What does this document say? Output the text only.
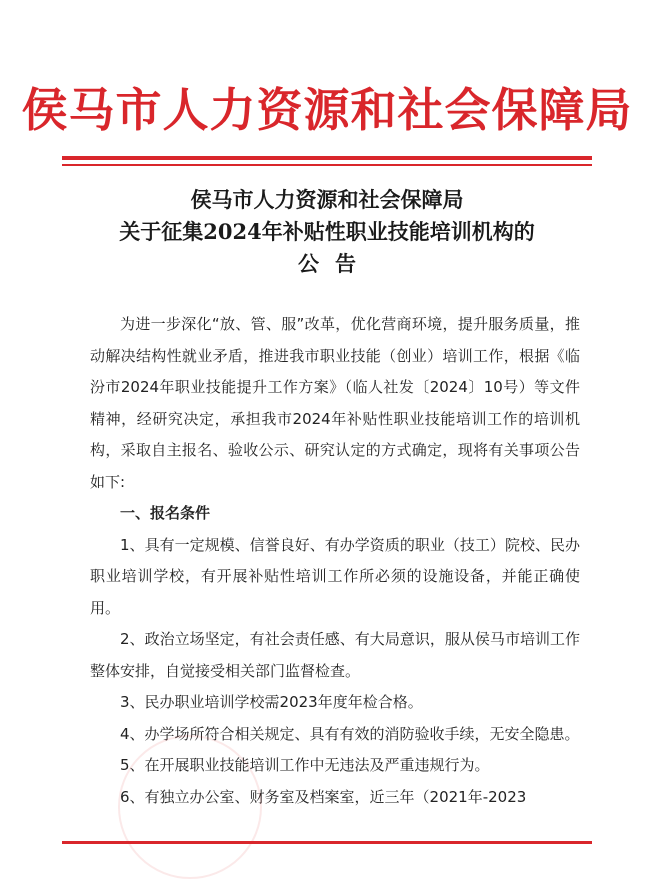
侯马市人力资源和社会保障局
侯马市人力资源和社会保障局
关于征集2024年补贴性职业技能培训机构的
公告

为进一步深化“放、管、服”改革，优化营商环境，提升服务质量，推动解决结构性就业矛盾，推进我市职业技能（创业）培训工作，根据《临汾市2024年职业技能提升工作方案》（临人社发〔2024〕10号）等文件精神，经研究决定，承担我市2024年补贴性职业技能培训工作的培训机构，采取自主报名、验收公示、研究认定的方式确定，现将有关事项公告如下:

一、报名条件

1、具有一定规模、信誉良好、有办学资质的职业（技工）院校、民办职业培训学校，有开展补贴性培训工作所必须的设施设备，并能正确使用。

2、政治立场坚定，有社会责任感、有大局意识，服从侯马市培训工作整体安排，自觉接受相关部门监督检查。

3、民办职业培训学校需2023年度年检合格。

4、办学场所符合相关规定、具有有效的消防验收手续，无安全隐患。

5、在开展职业技能培训工作中无违法及严重违规行为。

6、有独立办公室、财务室及档案室，近三年（2021年-2023
